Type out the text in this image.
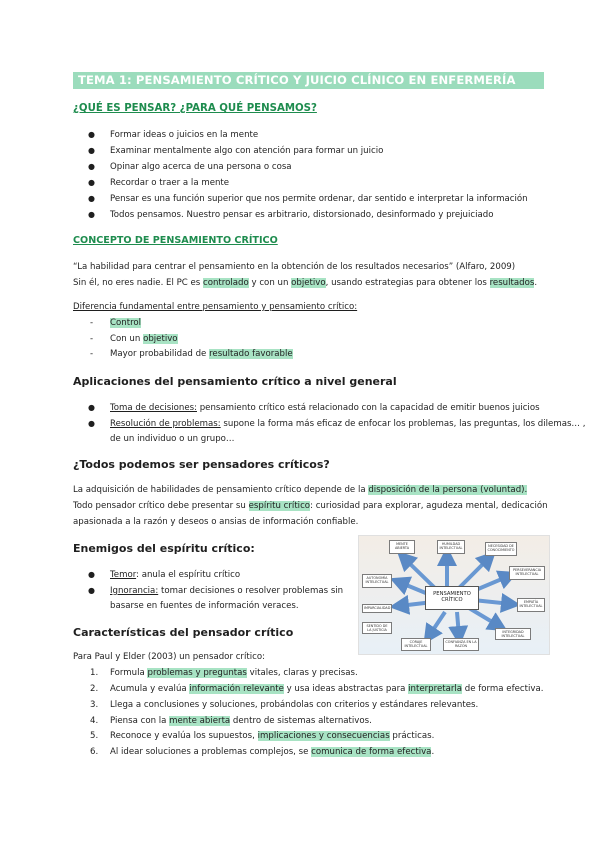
TEMA 1: PENSAMIENTO CRÍTICO Y JUICIO CLÍNICO EN ENFERMERÍA
¿QUÉ ES PENSAR? ¿PARA QUÉ PENSAMOS?
● Formar ideas o juicios en la mente
● Examinar mentalmente algo con atención para formar un juicio
● Opinar algo acerca de una persona o cosa
● Recordar o traer a la mente
● Pensar es una función superior que nos permite ordenar, dar sentido e interpretar la información
● Todos pensamos. Nuestro pensar es arbitrario, distorsionado, desinformado y prejuiciado
CONCEPTO DE PENSAMIENTO CRÍTICO
“La habilidad para centrar el pensamiento en la obtención de los resultados necesarios” (Alfaro, 2009)
Sin él, no eres nadie. El PC es controlado y con un objetivo, usando estrategias para obtener los resultados.
Diferencia fundamental entre pensamiento y pensamiento crítico:
- Control
- Con un objetivo
- Mayor probabilidad de resultado favorable
Aplicaciones del pensamiento crítico a nivel general
● Toma de decisiones: pensamiento crítico está relacionado con la capacidad de emitir buenos juicios
● Resolución de problemas: supone la forma más eficaz de enfocar los problemas, las preguntas, los dilemas… ,
de un individuo o un grupo…
¿Todos podemos ser pensadores críticos?
La adquisición de habilidades de pensamiento crítico depende de la disposición de la persona (voluntad).
Todo pensador crítico debe presentar su espíritu crítico: curiosidad para explorar, agudeza mental, dedicación
apasionada a la razón y deseos o ansias de información confiable.
Enemigos del espíritu crítico:
● Temor: anula el espíritu crítico
● Ignorancia: tomar decisiones o resolver problemas sin
basarse en fuentes de información veraces.
PENSAMIENTO CRÍTICO
MENTE ABIERTA
HUMILDAD INTELECTUAL	NECESIDAD DE CONOCIMIENTO
PERSEVERANCIA INTELECTUAL
EMPATÍA INTELECTUAL
INTEGRIDAD INTELECTUAL
CONFIANZA EN LA RAZÓN
CORAJE INTELECTUAL
AUTONOMÍA INTELECTUAL
IMPARCIALIDAD
SENTIDO DE LA JUSTICIA
Características del pensador crítico
Para Paul y Elder (2003) un pensador crítico:
1. Formula problemas y preguntas vitales, claras y precisas.
2. Acumula y evalúa información relevante y usa ideas abstractas para interpretarla de forma efectiva.
3. Llega a conclusiones y soluciones, probándolas con criterios y estándares relevantes.
4. Piensa con la mente abierta dentro de sistemas alternativos.
5. Reconoce y evalúa los supuestos, implicaciones y consecuencias prácticas.
6. Al idear soluciones a problemas complejos, se comunica de forma efectiva.
